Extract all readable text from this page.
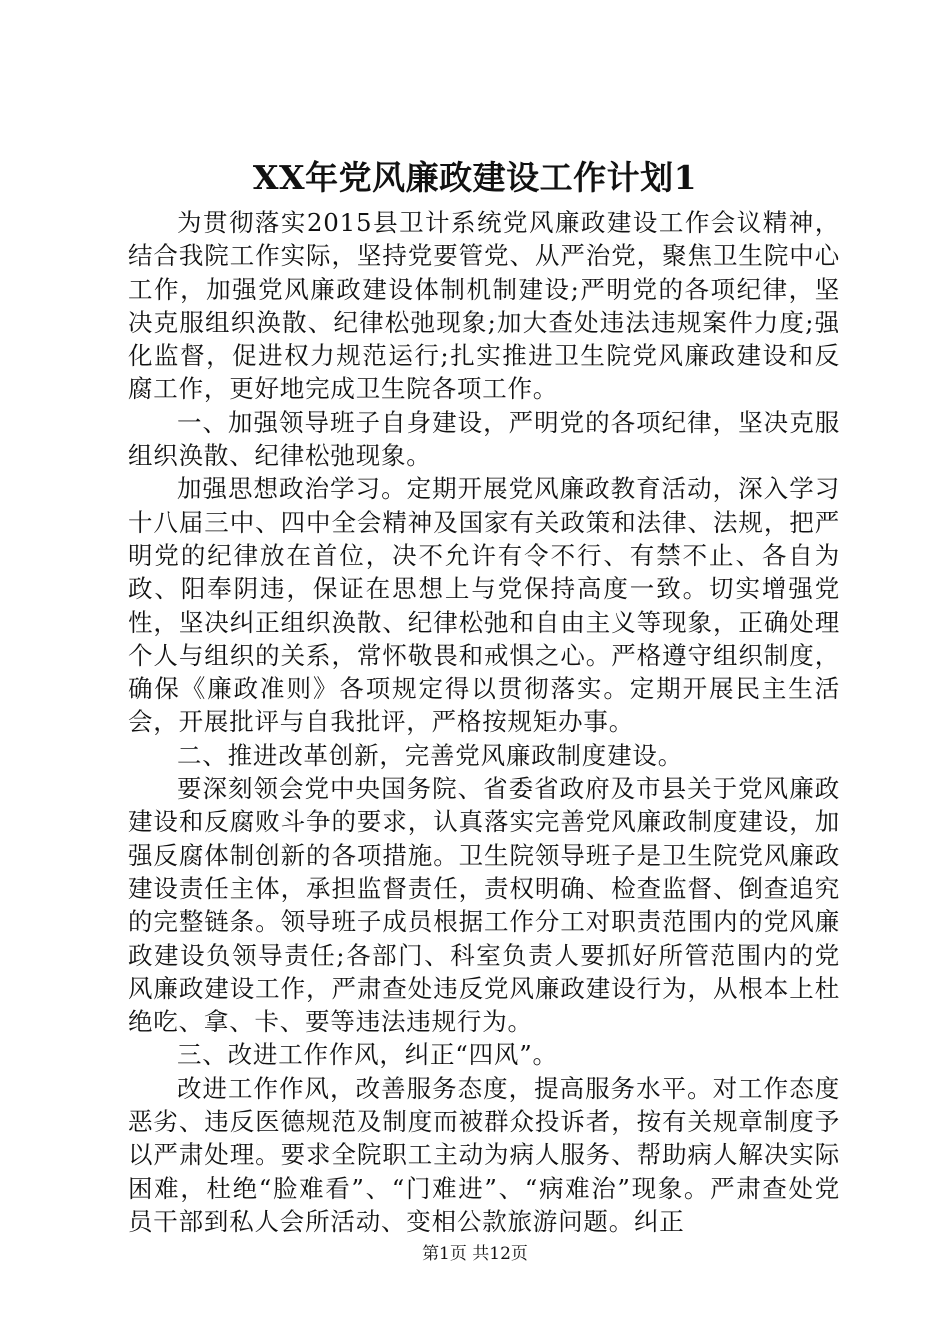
XX年党风廉政建设工作计划1

为贯彻落实2015县卫计系统党风廉政建设工作会议精神，结合我院工作实际，坚持党要管党、从严治党，聚焦卫生院中心工作，加强党风廉政建设体制机制建设;严明党的各项纪律，坚决克服组织涣散、纪律松弛现象;加大查处违法违规案件力度;强化监督，促进权力规范运行;扎实推进卫生院党风廉政建设和反腐工作，更好地完成卫生院各项工作。

一、加强领导班子自身建设，严明党的各项纪律，坚决克服组织涣散、纪律松弛现象。

加强思想政治学习。定期开展党风廉政教育活动，深入学习十八届三中、四中全会精神及国家有关政策和法律、法规，把严明党的纪律放在首位，决不允许有令不行、有禁不止、各自为政、阳奉阴违，保证在思想上与党保持高度一致。切实增强党性，坚决纠正组织涣散、纪律松弛和自由主义等现象，正确处理个人与组织的关系，常怀敬畏和戒惧之心。严格遵守组织制度，确保《廉政准则》各项规定得以贯彻落实。定期开展民主生活会，开展批评与自我批评，严格按规矩办事。

二、推进改革创新，完善党风廉政制度建设。

要深刻领会党中央国务院、省委省政府及市县关于党风廉政建设和反腐败斗争的要求，认真落实完善党风廉政制度建设，加强反腐体制创新的各项措施。卫生院领导班子是卫生院党风廉政建设责任主体，承担监督责任，责权明确、检查监督、倒查追究的完整链条。领导班子成员根据工作分工对职责范围内的党风廉政建设负领导责任;各部门、科室负责人要抓好所管范围内的党风廉政建设工作，严肃查处违反党风廉政建设行为，从根本上杜绝吃、拿、卡、要等违法违规行为。

三、改进工作作风，纠正“四风”。

改进工作作风，改善服务态度，提高服务水平。对工作态度恶劣、违反医德规范及制度而被群众投诉者，按有关规章制度予以严肃处理。要求全院职工主动为病人服务、帮助病人解决实际困难，杜绝“脸难看”、“门难进”、“病难治”现象。严肃查处党员干部到私人会所活动、变相公款旅游问题。纠正

第1页 共12页
